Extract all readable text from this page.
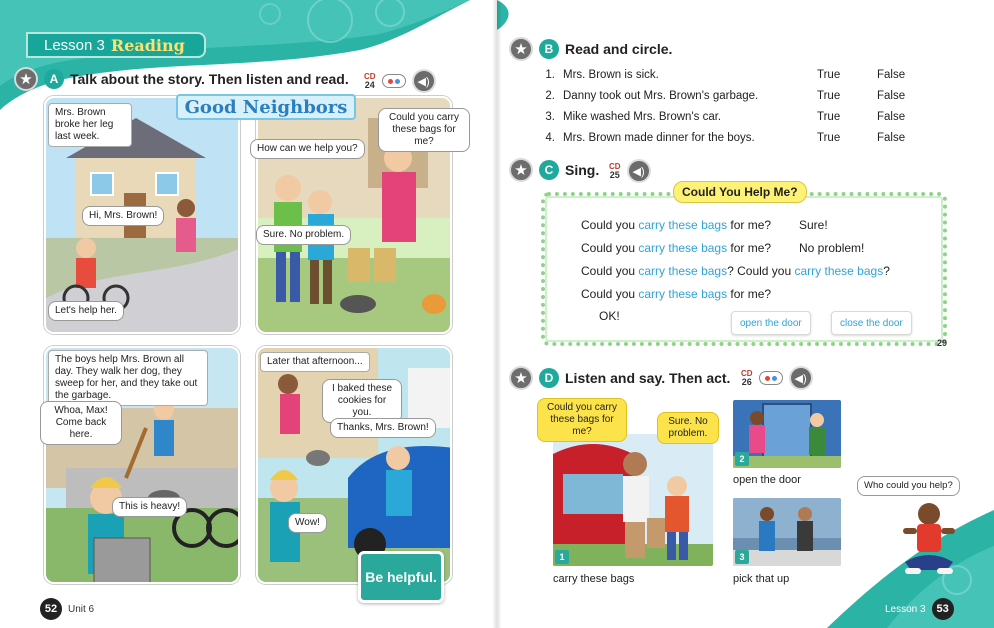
Lesson 3 Reading
★	A Talk about the story. Then listen and read. CD
24	◀)
Mrs. Brown broke her leg last week.
Hi, Mrs. Brown!
Let's help her.
How can we help you?
Could you carry these bags for me?
Sure. No problem.
Good Neighbors
The boys help Mrs. Brown all day. They walk her dog, they sweep for her, and they take out the garbage.
Whoa, Max! Come back here.
This is heavy!
Later that afternoon...
I baked these cookies for you.
Thanks, Mrs. Brown!
Wow!
Be helpful.
52	Unit 6
★	B Read and circle.
1. Mrs. Brown is sick.	True	False
2. Danny took out Mrs. Brown's garbage.	True	False
3. Mike washed Mrs. Brown's car.	True	False
4. Mrs. Brown made dinner for the boys.	True	False
★	C Sing. CD
25	◀)
Could You Help Me?
Could you carry these bags for me? Sure!
Could you carry these bags for me? No problem!
Could you carry these bags? Could you carry these bags?
Could you carry these bags for me?
OK!	open the door	close the door
29
★	D Listen and say. Then act. CD
26	◀)
1
Could you carry these bags for me?
Sure. No problem.
carry these bags
2
open the door
3
pick that up
Who could you help?
Lesson 3 53
